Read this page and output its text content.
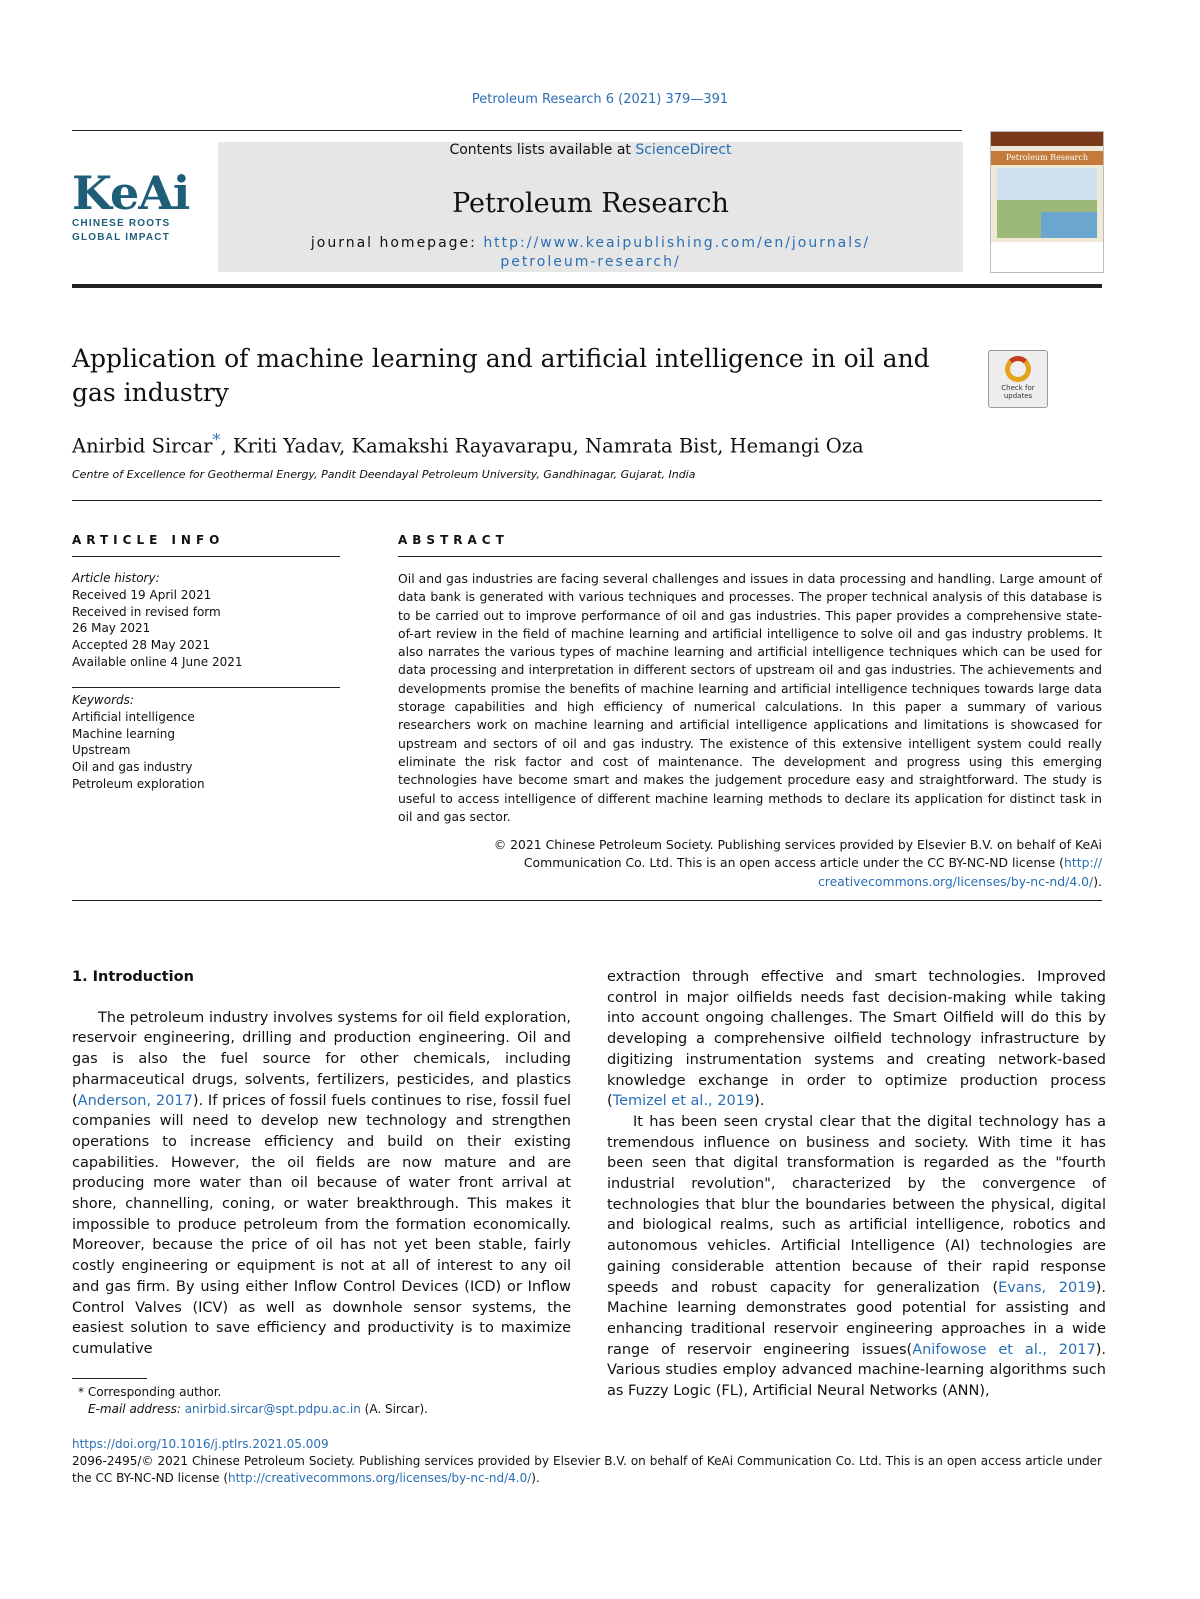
Petroleum Research 6 (2021) 379—391
KeAi
CHINESE ROOTS
GLOBAL IMPACT
Contents lists available at ScienceDirect
Petroleum Research
journal homepage: http://www.keaipublishing.com/en/journals/
petroleum-research/
Petroleum Research
Application of machine learning and artificial intelligence in oil and gas industry	Check for updates
Anirbid Sircar*, Kriti Yadav, Kamakshi Rayavarapu, Namrata Bist, Hemangi Oza
Centre of Excellence for Geothermal Energy, Pandit Deendayal Petroleum University, Gandhinagar, Gujarat, India
ARTICLE INFO
Article history:
Received 19 April 2021
Received in revised form
26 May 2021
Accepted 28 May 2021
Available online 4 June 2021
Keywords:
Artificial intelligence
Machine learning
Upstream
Oil and gas industry
Petroleum exploration
ABSTRACT
Oil and gas industries are facing several challenges and issues in data processing and handling. Large amount of data bank is generated with various techniques and processes. The proper technical analysis of this database is to be carried out to improve performance of oil and gas industries. This paper provides a comprehensive state-of-art review in the field of machine learning and artificial intelligence to solve oil and gas industry problems. It also narrates the various types of machine learning and artificial intelligence techniques which can be used for data processing and interpretation in different sectors of upstream oil and gas industries. The achievements and developments promise the benefits of machine learning and artificial intelligence techniques towards large data storage capabilities and high efficiency of numerical calculations. In this paper a summary of various researchers work on machine learning and artificial intelligence applications and limitations is showcased for upstream and sectors of oil and gas industry. The existence of this extensive intelligent system could really eliminate the risk factor and cost of maintenance. The development and progress using this emerging technologies have become smart and makes the judgement procedure easy and straightforward. The study is useful to access intelligence of different machine learning methods to declare its application for distinct task in oil and gas sector.
© 2021 Chinese Petroleum Society. Publishing services provided by Elsevier B.V. on behalf of KeAi
Communication Co. Ltd. This is an open access article under the CC BY-NC-ND license (http://
creativecommons.org/licenses/by-nc-nd/4.0/).
1. Introduction

The petroleum industry involves systems for oil field exploration, reservoir engineering, drilling and production engineering. Oil and gas is also the fuel source for other chemicals, including pharmaceutical drugs, solvents, fertilizers, pesticides, and plastics (Anderson, 2017). If prices of fossil fuels continues to rise, fossil fuel companies will need to develop new technology and strengthen operations to increase efficiency and build on their existing capabilities. However, the oil fields are now mature and are producing more water than oil because of water front arrival at shore, channelling, coning, or water breakthrough. This makes it impossible to produce petroleum from the formation economically. Moreover, because the price of oil has not yet been stable, fairly costly engineering or equipment is not at all of interest to any oil and gas firm. By using either Inflow Control Devices (ICD) or Inflow Control Valves (ICV) as well as downhole sensor systems, the easiest solution to save efficiency and productivity is to maximize cumulative

extraction through effective and smart technologies. Improved control in major oilfields needs fast decision-making while taking into account ongoing challenges. The Smart Oilfield will do this by developing a comprehensive oilfield technology infrastructure by digitizing instrumentation systems and creating network-based knowledge exchange in order to optimize production process (Temizel et al., 2019).

It has been seen crystal clear that the digital technology has a tremendous influence on business and society. With time it has been seen that digital transformation is regarded as the "fourth industrial revolution", characterized by the convergence of technologies that blur the boundaries between the physical, digital and biological realms, such as artificial intelligence, robotics and autonomous vehicles. Artificial Intelligence (AI) technologies are gaining considerable attention because of their rapid response speeds and robust capacity for generalization (Evans, 2019). Machine learning demonstrates good potential for assisting and enhancing traditional reservoir engineering approaches in a wide range of reservoir engineering issues(Anifowose et al., 2017). Various studies employ advanced machine-learning algorithms such as Fuzzy Logic (FL), Artificial Neural Networks (ANN),

* Corresponding author.
E-mail address: anirbid.sircar@spt.pdpu.ac.in (A. Sircar).
https://doi.org/10.1016/j.ptlrs.2021.05.009
2096-2495/© 2021 Chinese Petroleum Society. Publishing services provided by Elsevier B.V. on behalf of KeAi Communication Co. Ltd. This is an open access article under the CC BY-NC-ND license (http://creativecommons.org/licenses/by-nc-nd/4.0/).
